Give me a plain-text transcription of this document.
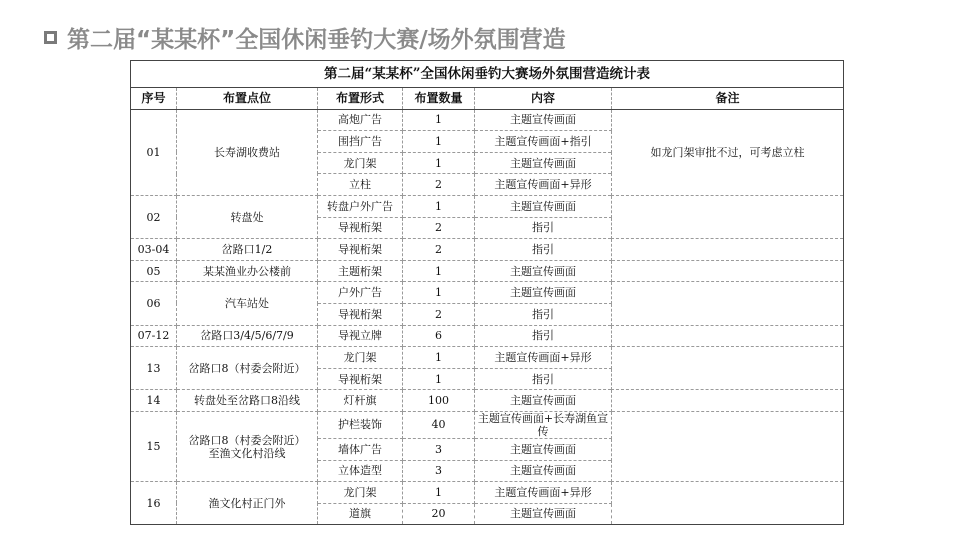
第二届“某某杯”全国休闲垂钓大赛/场外氛围营造
第二届“某某杯”全国休闲垂钓大赛场外氛围营造统计表					
序号	布置点位	布置形式	布置数量	内容	备注
01	长寿湖收费站	高炮广告	1	主题宣传画面	如龙门架审批不过，可考虑立柱
		围挡广告	1	主题宣传画面+指引	
		龙门架	1	主题宣传画面	
		立柱	2	主题宣传画面+异形	
02	转盘处	转盘户外广告	1	主题宣传画面	
		导视桁架	2	指引	
03-04	岔路口1/2	导视桁架	2	指引	
05	某某渔业办公楼前	主题桁架	1	主题宣传画面	
06	汽车站处	户外广告	1	主题宣传画面	
		导视桁架	2	指引	
07-12	岔路口3/4/5/6/7/9	导视立牌	6	指引	
13	岔路口8（村委会附近）	龙门架	1	主题宣传画面+异形	
		导视桁架	1	指引	
14	转盘处至岔路口8沿线	灯杆旗	100	主题宣传画面	
15	岔路口8（村委会附近）至渔文化村沿线	护栏装饰	40	主题宣传画面+长寿湖鱼宣传	
		墙体广告	3	主题宣传画面	
		立体造型	3	主题宣传画面	
16	渔文化村正门外	龙门架	1	主题宣传画面+异形	
		道旗	20	主题宣传画面	
